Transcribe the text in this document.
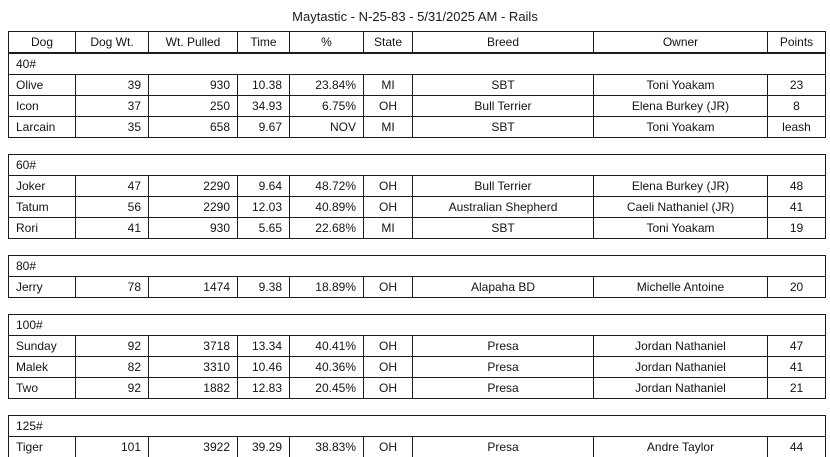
Maytastic - N-25-83 - 5/31/2025 AM - Rails
Dog	Dog Wt.	Wt. Pulled	Time	%	State	Breed	Owner	Points
40#								
Olive	39	930	10.38	23.84%	MI	SBT	Toni Yoakam	23
Icon	37	250	34.93	6.75%	OH	Bull Terrier	Elena Burkey (JR)	8
Larcain	35	658	9.67	NOV	MI	SBT	Toni Yoakam	leash
60#								
Joker	47	2290	9.64	48.72%	OH	Bull Terrier	Elena Burkey (JR)	48
Tatum	56	2290	12.03	40.89%	OH	Australian Shepherd	Caeli Nathaniel (JR)	41
Rori	41	930	5.65	22.68%	MI	SBT	Toni Yoakam	19
80#
Jerry	78	1474	9.38	18.89%	OH	Alapaha BD	Michelle Antoine	20
100#								
Sunday	92	3718	13.34	40.41%	OH	Presa	Jordan Nathaniel	47
Malek	82	3310	10.46	40.36%	OH	Presa	Jordan Nathaniel	41
Two	92	1882	12.83	20.45%	OH	Presa	Jordan Nathaniel	21
125#
Tiger	101	3922	39.29	38.83%	OH	Presa	Andre Taylor	44
